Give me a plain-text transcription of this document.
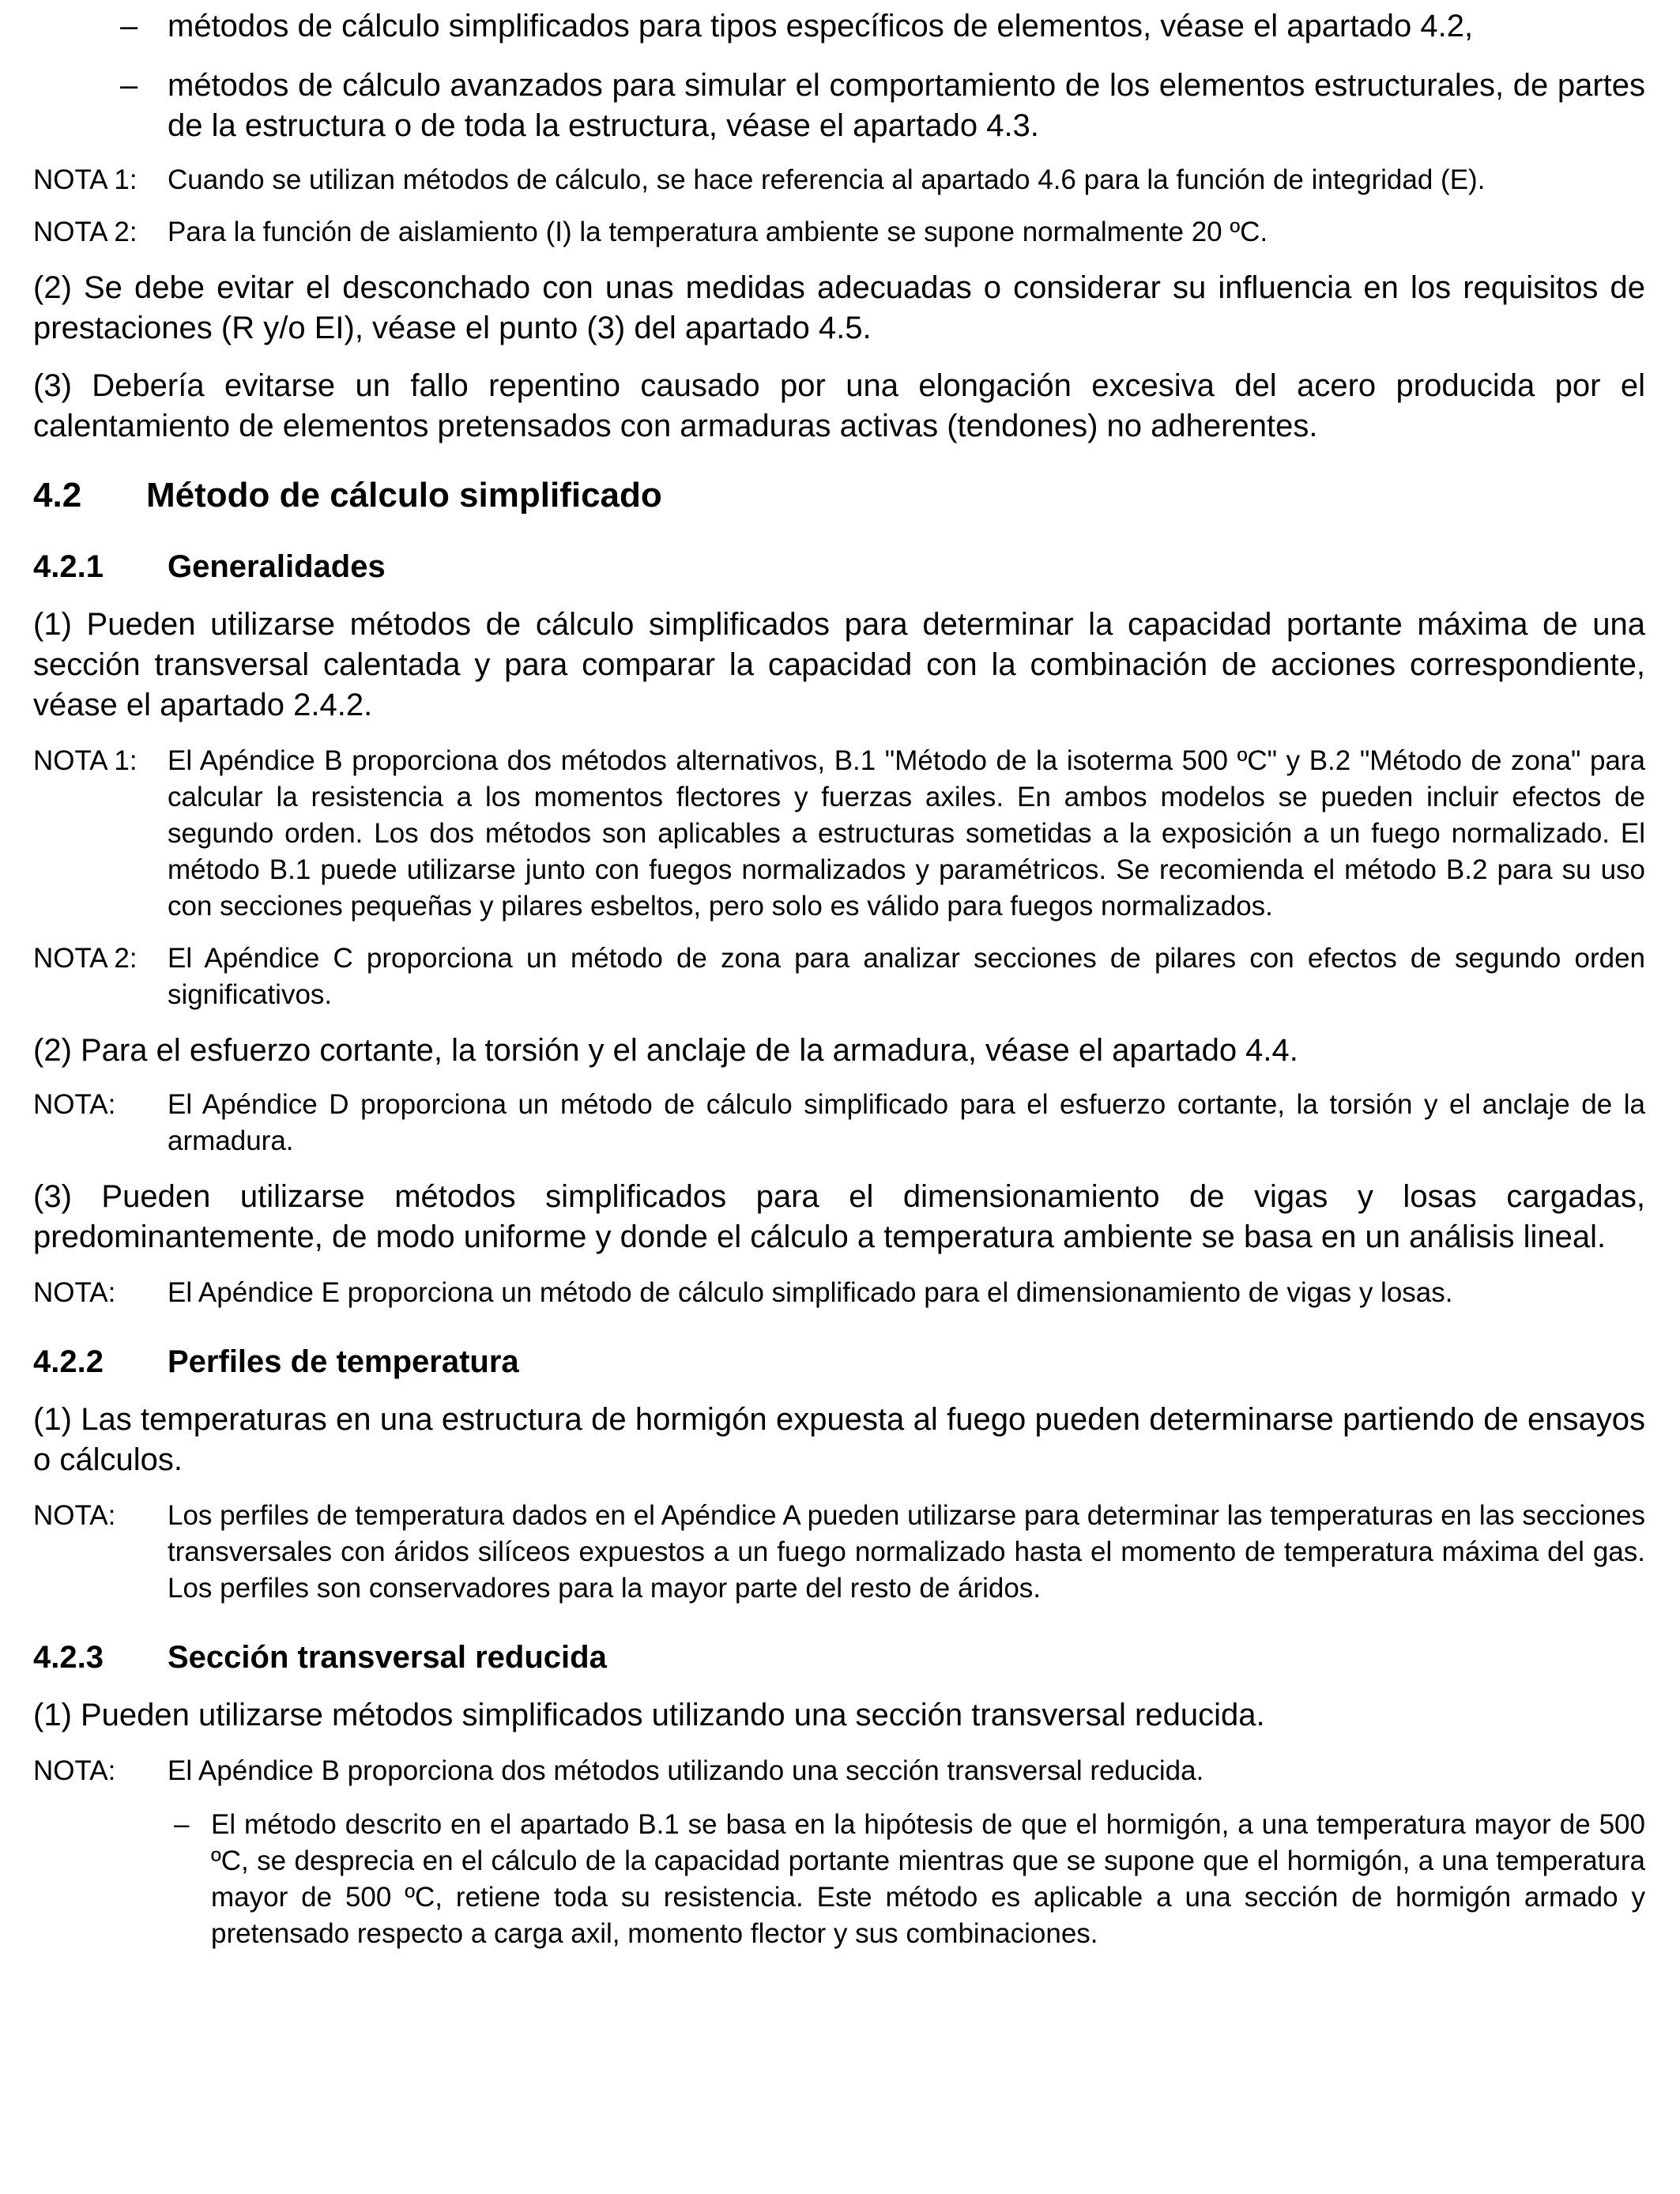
– métodos de cálculo simplificados para tipos específicos de elementos, véase el apartado 4.2,
– métodos de cálculo avanzados para simular el comportamiento de los elementos estructurales, de partes de la estructura o de toda la estructura, véase el apartado 4.3.
NOTA 1:	Cuando se utilizan métodos de cálculo, se hace referencia al apartado 4.6 para la función de integridad (E).
NOTA 2:	Para la función de aislamiento (I) la temperatura ambiente se supone normalmente 20 ºC.

(2) Se debe evitar el desconchado con unas medidas adecuadas o considerar su influencia en los requisitos de prestaciones (R y/o EI), véase el punto (3) del apartado 4.5.

(3) Debería evitarse un fallo repentino causado por una elongación excesiva del acero producida por el calentamiento de elementos pretensados con armaduras activas (tendones) no adherentes.

4.2	Método de cálculo simplificado
4.2.1	Generalidades

(1) Pueden utilizarse métodos de cálculo simplificados para determinar la capacidad portante máxima de una sección transversal calentada y para comparar la capacidad con la combinación de acciones correspondiente, véase el apartado 2.4.2.

NOTA 1:	El Apéndice B proporciona dos métodos alternativos, B.1 "Método de la isoterma 500 ºC" y B.2 "Método de zona" para calcular la resistencia a los momentos flectores y fuerzas axiles. En ambos modelos se pueden incluir efectos de segundo orden. Los dos métodos son aplicables a estructuras sometidas a la exposición a un fuego normalizado. El método B.1 puede utilizarse junto con fuegos normalizados y paramétricos. Se recomienda el método B.2 para su uso con secciones pequeñas y pilares esbeltos, pero solo es válido para fuegos normalizados.
NOTA 2:	El Apéndice C proporciona un método de zona para analizar secciones de pilares con efectos de segundo orden significativos.

(2) Para el esfuerzo cortante, la torsión y el anclaje de la armadura, véase el apartado 4.4.

NOTA:	El Apéndice D proporciona un método de cálculo simplificado para el esfuerzo cortante, la torsión y el anclaje de la armadura.

(3) Pueden utilizarse métodos simplificados para el dimensionamiento de vigas y losas cargadas, predominantemente, de modo uniforme y donde el cálculo a temperatura ambiente se basa en un análisis lineal.

NOTA:	El Apéndice E proporciona un método de cálculo simplificado para el dimensionamiento de vigas y losas.
4.2.2	Perfiles de temperatura

(1) Las temperaturas en una estructura de hormigón expuesta al fuego pueden determinarse partiendo de ensayos o cálculos.

NOTA:	Los perfiles de temperatura dados en el Apéndice A pueden utilizarse para determinar las temperaturas en las secciones transversales con áridos silíceos expuestos a un fuego normalizado hasta el momento de temperatura máxima del gas. Los perfiles son conservadores para la mayor parte del resto de áridos.
4.2.3	Sección transversal reducida

(1) Pueden utilizarse métodos simplificados utilizando una sección transversal reducida.

NOTA:	El Apéndice B proporciona dos métodos utilizando una sección transversal reducida.
– El método descrito en el apartado B.1 se basa en la hipótesis de que el hormigón, a una temperatura mayor de 500 ºC, se desprecia en el cálculo de la capacidad portante mientras que se supone que el hormigón, a una temperatura mayor de 500 ºC, retiene toda su resistencia. Este método es aplicable a una sección de hormigón armado y pretensado respecto a carga axil, momento flector y sus combinaciones.
